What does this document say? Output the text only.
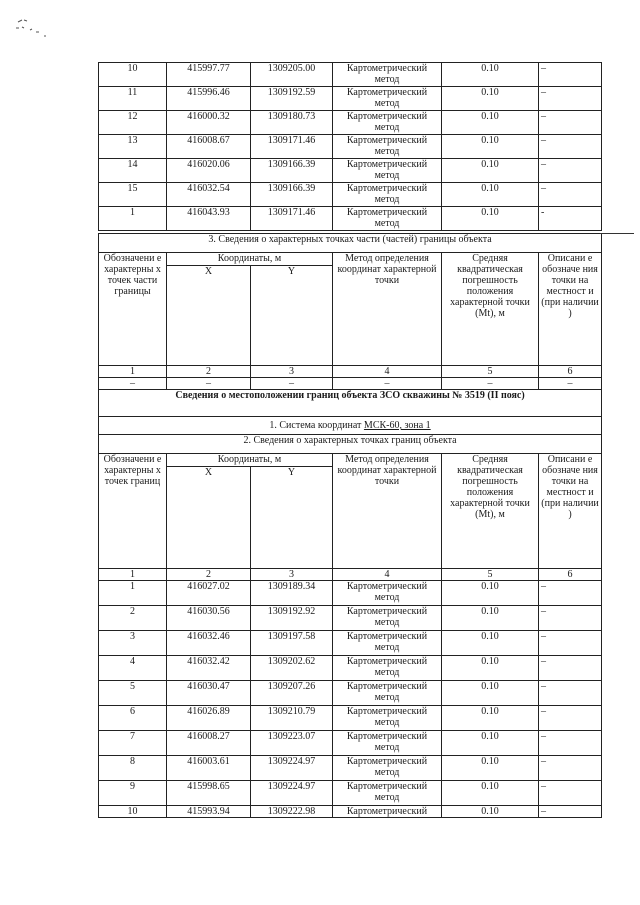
10	415997.77	1309205.00	Картометрический метод	0.10	–
11	415996.46	1309192.59	Картометрический метод	0.10	–
12	416000.32	1309180.73	Картометрический метод	0.10	–
13	416008.67	1309171.46	Картометрический метод	0.10	–
14	416020.06	1309166.39	Картометрический метод	0.10	–
15	416032.54	1309166.39	Картометрический метод	0.10	–
1	416043.93	1309171.46	Картометрический метод	0.10	-
3. Сведения о характерных точках части (частей) границы объекта					
Обозначени е характерны х точек части границы	Координаты, м		Метод определения координат характерной точки	Средняя квадратическая погрешность положения характерной точки (Mt), м	Описани е обозначе ния точки на местност и (при наличии )
	X	Y			
1	2	3	4	5	6
–	–	–	–	–	–
Сведения о местоположении границ объекта ЗСО скважины № 3519 (II пояс)					
1. Система координат МСК-60, зона 1					
2. Сведения о характерных точках границ объекта					
Обозначени е характерны х точек границ	Координаты, м		Метод определения координат характерной точки	Средняя квадратическая погрешность положения характерной точки (Mt), м	Описани е обозначе ния точки на местност и (при наличии )
	X	Y			
1	2	3	4	5	6
1	416027.02	1309189.34	Картометрический метод	0.10	–
2	416030.56	1309192.92	Картометрический метод	0.10	–
3	416032.46	1309197.58	Картометрический метод	0.10	–
4	416032.42	1309202.62	Картометрический метод	0.10	–
5	416030.47	1309207.26	Картометрический метод	0.10	–
6	416026.89	1309210.79	Картометрический метод	0.10	–
7	416008.27	1309223.07	Картометрический метод	0.10	–
8	416003.61	1309224.97	Картометрический метод	0.10	–
9	415998.65	1309224.97	Картометрический метод	0.10	–
10	415993.94	1309222.98	Картометрический	0.10	–
